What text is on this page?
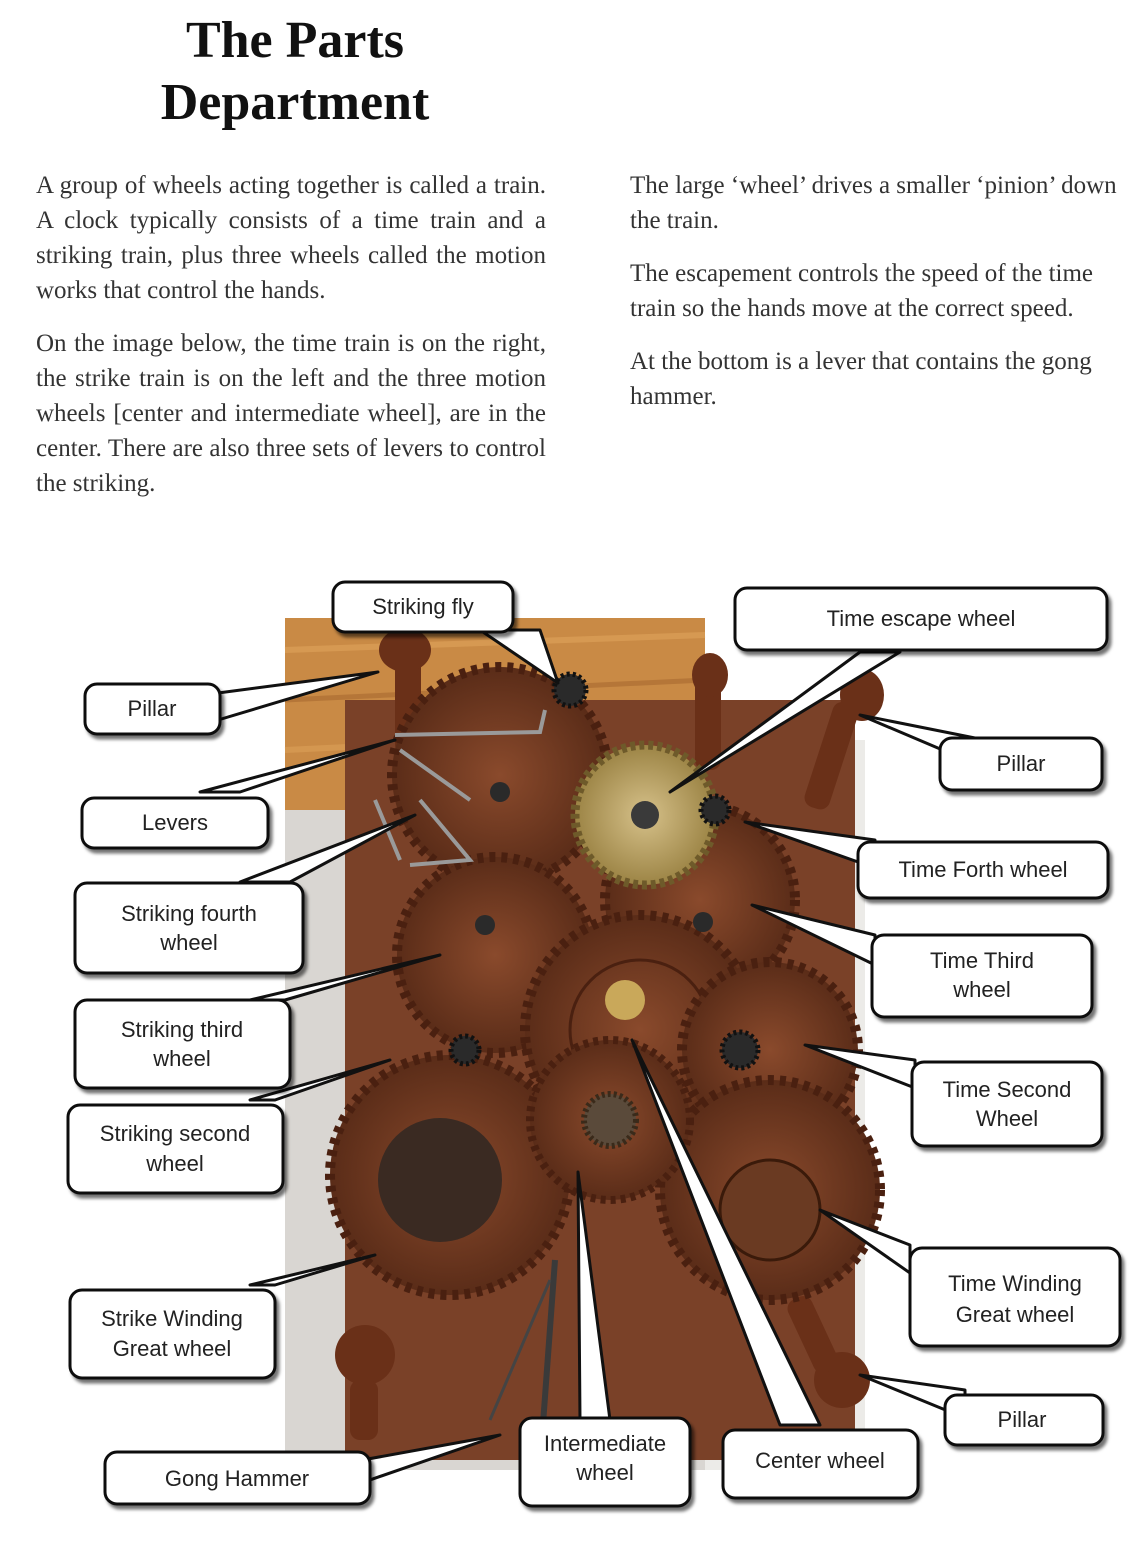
The Parts
Department

A group of wheels acting together is called a train. A clock typically consists of a time train and a striking train, plus three wheels called the motion works that control the hands.

On the image below, the time train is on the right, the strike train is on the left and the three motion wheels [center and intermediate wheel], are in the center. There are also three sets of levers to control the striking.

The large ‘wheel’ drives a smaller ‘pinion’ down the train.

The escapement controls the speed of the time train so the hands move at the correct speed.

At the bottom is a lever that contains the gong hammer.

Striking fly	Time escape wheel
Pillar
Pillar
Levers
Time Forth wheel
Striking fourth
wheel
Time Third
wheel
Striking third
wheel
Time Second
Wheel
Striking second
wheel
Time Winding
Great wheel
Strike Winding
Great wheel
Pillar
Intermediate
wheel	Center wheel
Gong Hammer
